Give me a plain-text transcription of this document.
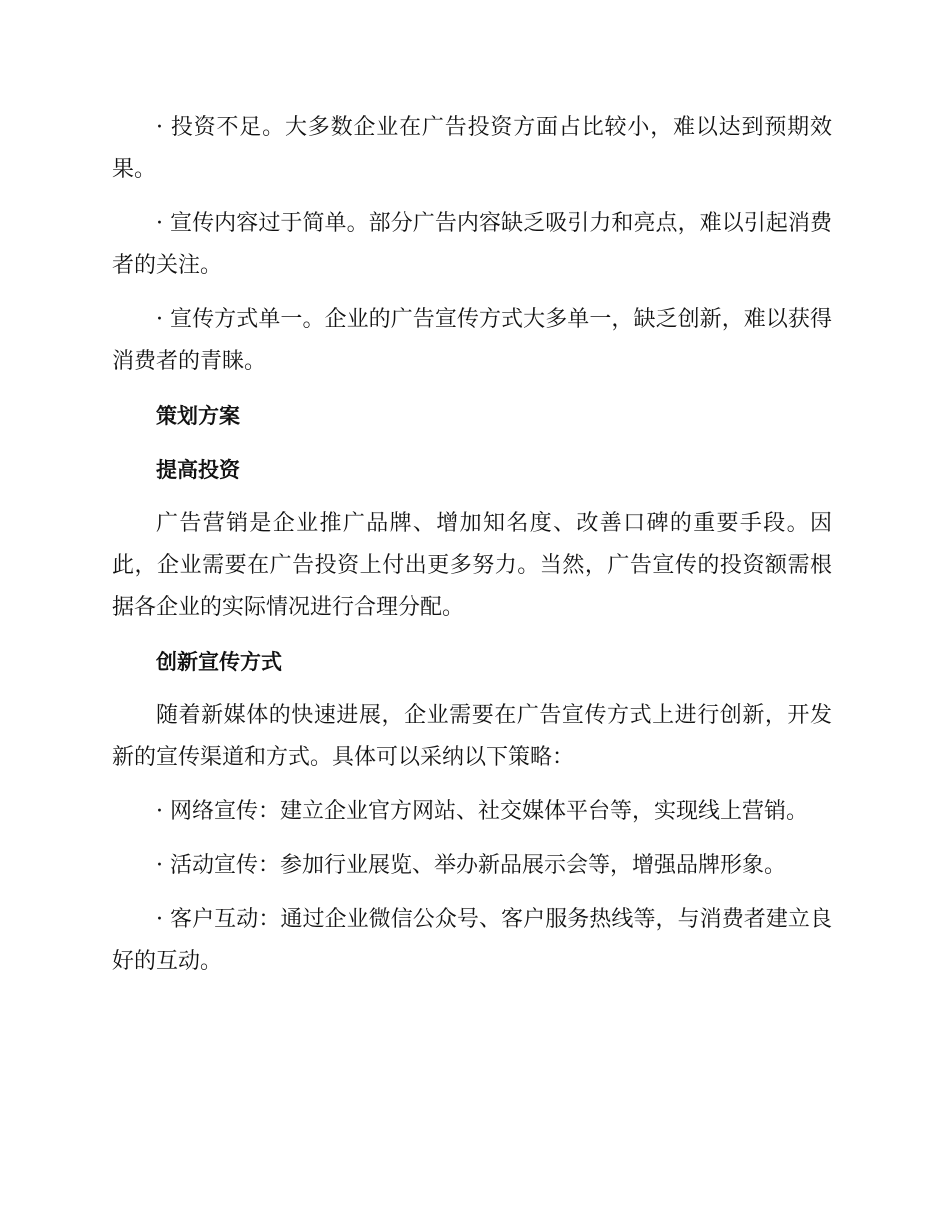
· 投资不足。大多数企业在广告投资方面占比较小，难以达到预期效果。

· 宣传内容过于简单。部分广告内容缺乏吸引力和亮点，难以引起消费者的关注。

· 宣传方式单一。企业的广告宣传方式大多单一，缺乏创新，难以获得消费者的青睐。

策划方案

提高投资

广告营销是企业推广品牌、增加知名度、改善口碑的重要手段。因此，企业需要在广告投资上付出更多努力。当然，广告宣传的投资额需根据各企业的实际情况进行合理分配。

创新宣传方式

随着新媒体的快速进展，企业需要在广告宣传方式上进行创新，开发新的宣传渠道和方式。具体可以采纳以下策略：

· 网络宣传：建立企业官方网站、社交媒体平台等，实现线上营销。

· 活动宣传：参加行业展览、举办新品展示会等，增强品牌形象。

· 客户互动：通过企业微信公众号、客户服务热线等，与消费者建立良好的互动。
